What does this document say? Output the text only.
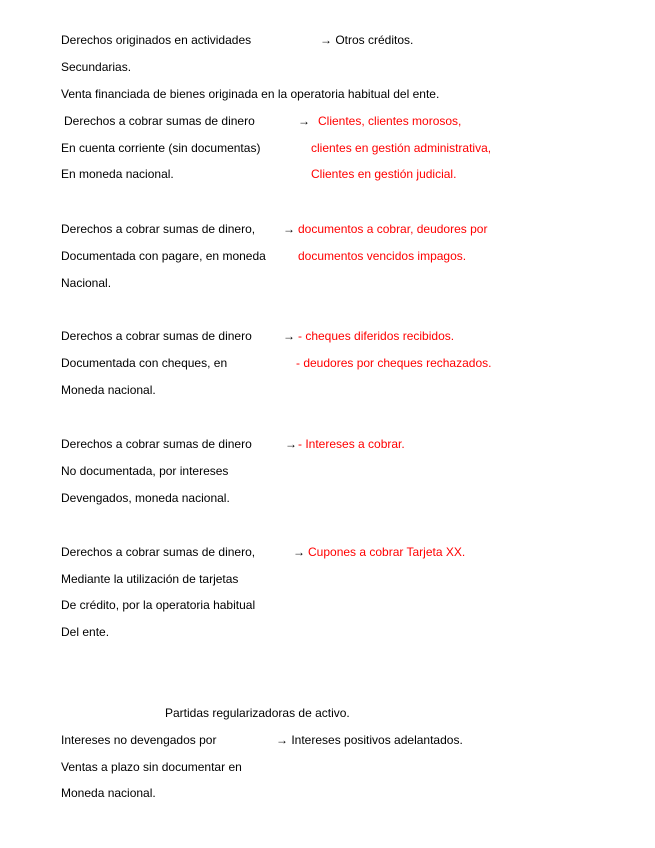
Derechos originados en actividades	→ Otros créditos.
Secundarias.
Venta financiada de bienes originada en la operatoria habitual del ente.
Derechos a cobrar sumas de dinero	→ Clientes, clientes morosos,
En cuenta corriente (sin documentas)	clientes en gestión administrativa,
En moneda nacional.	Clientes en gestión judicial.
Derechos a cobrar sumas de dinero, → documentos a cobrar, deudores por
Documentada con pagare, en moneda	documentos vencidos impagos.
Nacional.
Derechos a cobrar sumas de dinero	→ - cheques diferidos recibidos.
Documentada con cheques, en	- deudores por cheques rechazados.
Moneda nacional.
Derechos a cobrar sumas de dinero	→ - Intereses a cobrar.
No documentada, por intereses
Devengados, moneda nacional.
Derechos a cobrar sumas de dinero,	→ Cupones a cobrar Tarjeta XX.
Mediante la utilización de tarjetas
De crédito, por la operatoria habitual
Del ente.
Partidas regularizadoras de activo.
Intereses no devengados por	→ Intereses positivos adelantados.
Ventas a plazo sin documentar en
Moneda nacional.
